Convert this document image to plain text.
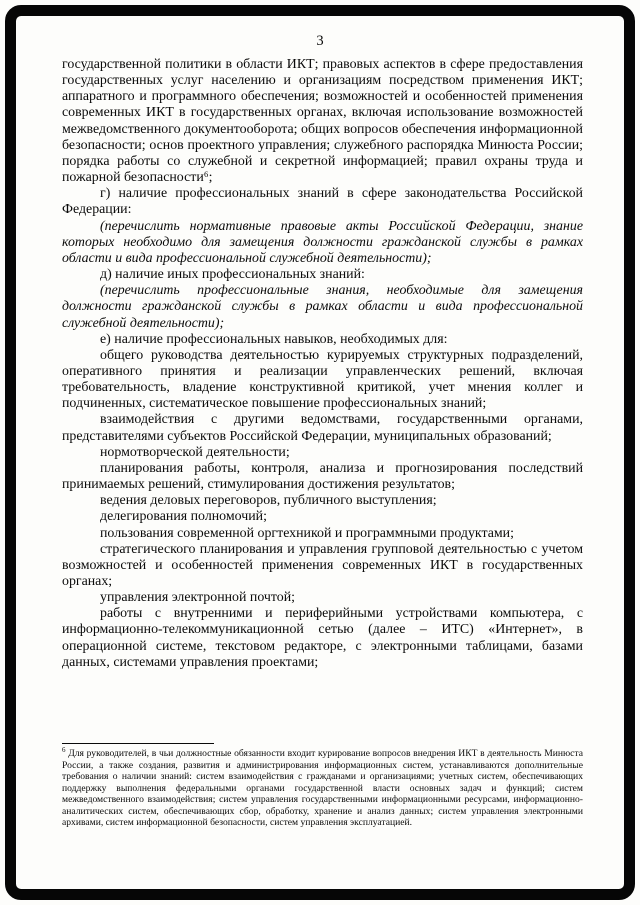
3

государственной политики в области ИКТ; правовых аспектов в сфере предоставления государственных услуг населению и организациям посредством применения ИКТ; аппаратного и программного обеспечения; возможностей и особенностей применения современных ИКТ в государственных органах, включая использование возможностей межведомственного документооборота; общих вопросов обеспечения информационной безопасности; основ проектного управления; служебного распорядка Минюста России; порядка работы со служебной и секретной информацией; правил охраны труда и пожарной безопасности⁶;

г) наличие профессиональных знаний в сфере законодательства Российской Федерации:

(перечислить нормативные правовые акты Российской Федерации, знание которых необходимо для замещения должности гражданской службы в рамках области и вида профессиональной служебной деятельности);

д) наличие иных профессиональных знаний:

(перечислить профессиональные знания, необходимые для замещения должности гражданской службы в рамках области и вида профессиональной служебной деятельности);

е) наличие профессиональных навыков, необходимых для:

общего руководства деятельностью курируемых структурных подразделений, оперативного принятия и реализации управленческих решений, включая требовательность, владение конструктивной критикой, учет мнения коллег и подчиненных, систематическое повышение профессиональных знаний;

взаимодействия с другими ведомствами, государственными органами, представителями субъектов Российской Федерации, муниципальных образований;

нормотворческой деятельности;

планирования работы, контроля, анализа и прогнозирования последствий принимаемых решений, стимулирования достижения результатов;

ведения деловых переговоров, публичного выступления;

делегирования полномочий;

пользования современной оргтехникой и программными продуктами;

стратегического планирования и управления групповой деятельностью с учетом возможностей и особенностей применения современных ИКТ в государственных органах;

управления электронной почтой;

работы с внутренними и периферийными устройствами компьютера, с информационно-телекоммуникационной сетью (далее – ИТС) «Интернет», в операционной системе, текстовом редакторе, с электронными таблицами, базами данных, системами управления проектами;

$^6$ Для руководителей, в чьи должностные обязанности входит курирование вопросов внедрения ИКТ в деятельность Минюста России, а также создания, развития и администрирования информационных систем, устанавливаются дополнительные требования о наличии знаний: систем взаимодействия с гражданами и организациями; учетных систем, обеспечивающих поддержку выполнения федеральными органами государственной власти основных задач и функций; систем межведомственного взаимодействия; систем управления государственными информационными ресурсами, информационно-аналитических систем, обеспечивающих сбор, обработку, хранение и анализ данных; систем управления электронными архивами, систем информационной безопасности, систем управления эксплуатацией.
